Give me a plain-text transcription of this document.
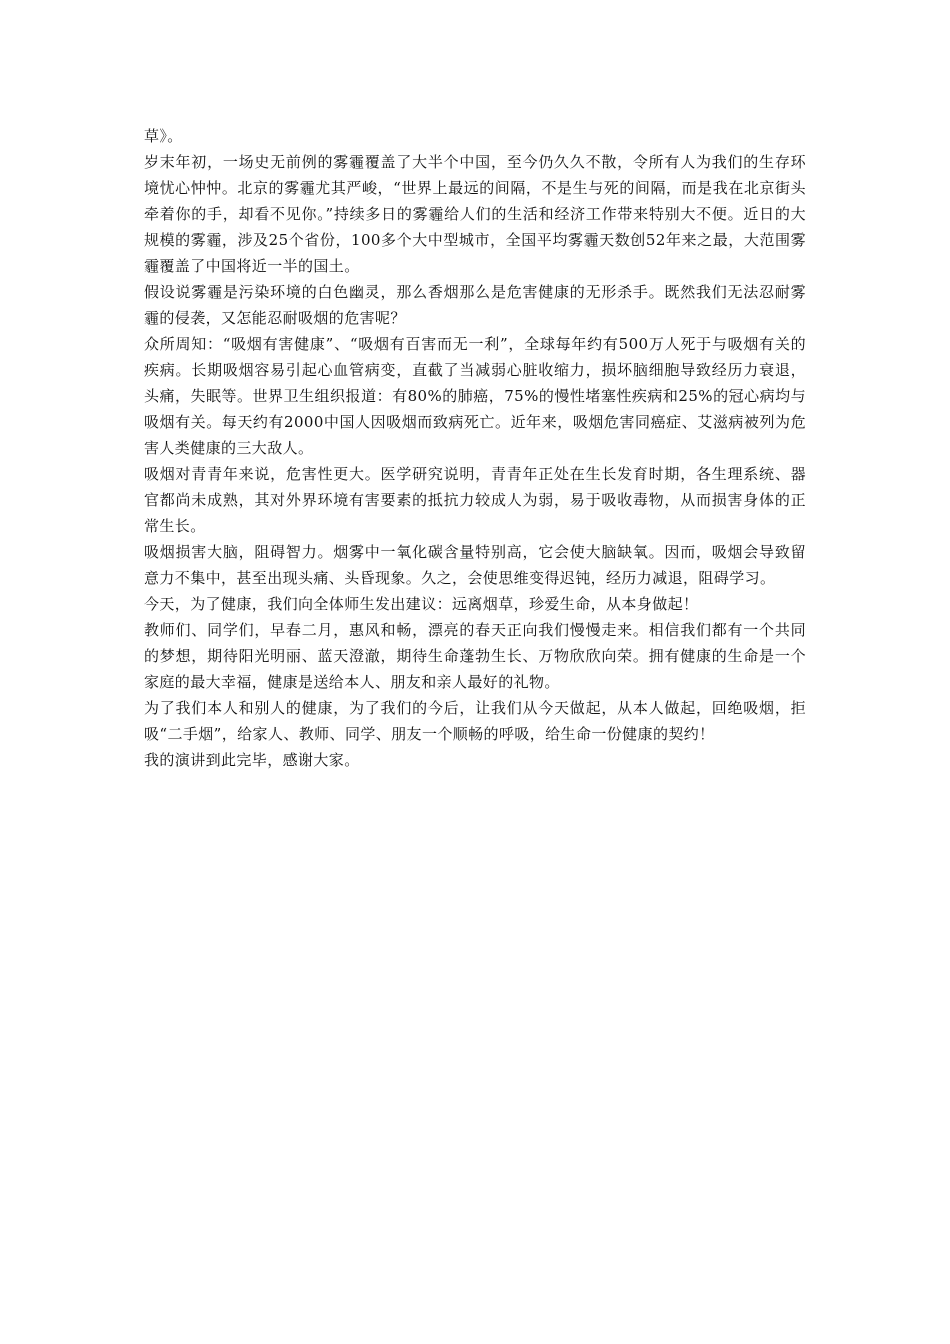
草》。

岁末年初，一场史无前例的雾霾覆盖了大半个中国，至今仍久久不散，令所有人为我们的生存环境忧心忡忡。北京的雾霾尤其严峻，“世界上最远的间隔，不是生与死的间隔，而是我在北京街头牵着你的手，却看不见你。”持续多日的雾霾给人们的生活和经济工作带来特别大不便。近日的大规模的雾霾，涉及25个省份，100多个大中型城市，全国平均雾霾天数创52年来之最，大范围雾霾覆盖了中国将近一半的国土。

假设说雾霾是污染环境的白色幽灵，那么香烟那么是危害健康的无形杀手。既然我们无法忍耐雾霾的侵袭，又怎能忍耐吸烟的危害呢？

众所周知：“吸烟有害健康”、“吸烟有百害而无一利”，全球每年约有500万人死于与吸烟有关的疾病。长期吸烟容易引起心血管病变，直截了当减弱心脏收缩力，损坏脑细胞导致经历力衰退，头痛，失眠等。世界卫生组织报道：有80%的肺癌，75%的慢性堵塞性疾病和25%的冠心病均与吸烟有关。每天约有2000中国人因吸烟而致病死亡。近年来，吸烟危害同癌症、艾滋病被列为危害人类健康的三大敌人。

吸烟对青青年来说，危害性更大。医学研究说明，青青年正处在生长发育时期，各生理系统、器官都尚未成熟，其对外界环境有害要素的抵抗力较成人为弱，易于吸收毒物，从而损害身体的正常生长。

吸烟损害大脑，阻碍智力。烟雾中一氧化碳含量特别高，它会使大脑缺氧。因而，吸烟会导致留意力不集中，甚至出现头痛、头昏现象。久之，会使思维变得迟钝，经历力减退，阻碍学习。

今天，为了健康，我们向全体师生发出建议：远离烟草，珍爱生命，从本身做起！

教师们、同学们，早春二月，惠风和畅，漂亮的春天正向我们慢慢走来。相信我们都有一个共同的梦想，期待阳光明丽、蓝天澄澈，期待生命蓬勃生长、万物欣欣向荣。拥有健康的生命是一个家庭的最大幸福，健康是送给本人、朋友和亲人最好的礼物。

为了我们本人和别人的健康，为了我们的今后，让我们从今天做起，从本人做起，回绝吸烟，拒吸“二手烟”，给家人、教师、同学、朋友一个顺畅的呼吸，给生命一份健康的契约！

我的演讲到此完毕，感谢大家。
